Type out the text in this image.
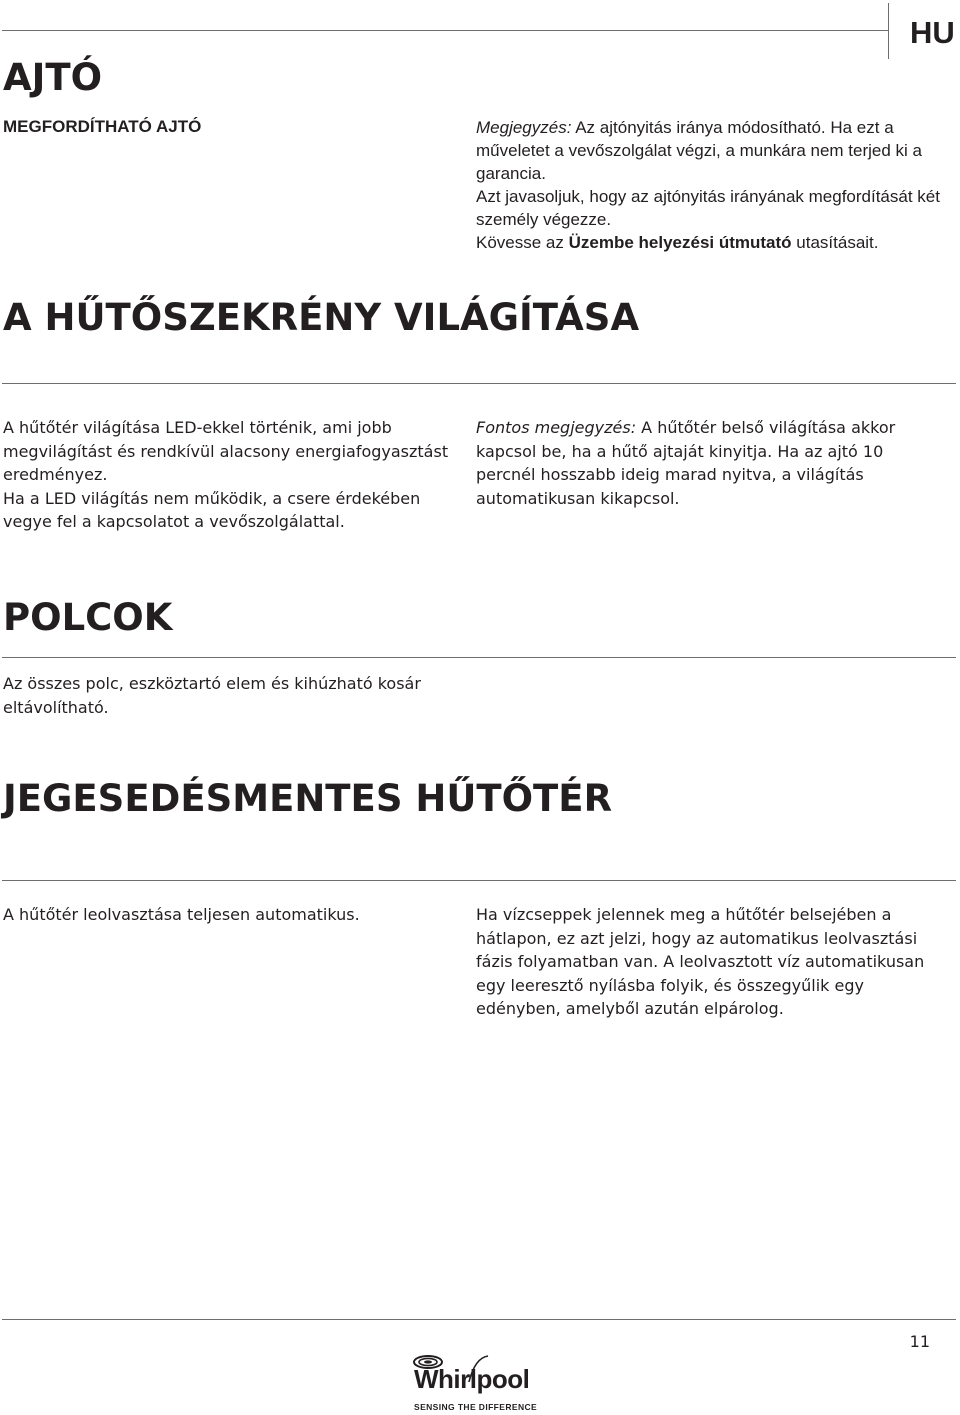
HU
AJTÓ
MEGFORDÍTHATÓ AJTÓ	Megjegyzés: Az ajtónyitás iránya módosítható. Ha ezt a műveletet a vevőszolgálat végzi, a munkára nem terjed ki a garancia.
Azt javasoljuk, hogy az ajtónyitás irányának megfordítását két személy végezze.
Kövesse az Üzembe helyezési útmutató utasításait.
A HŰTŐSZEKRÉNY VILÁGÍTÁSA
A hűtőtér világítása LED-ekkel történik, ami jobb megvilágítást és rendkívül alacsony energiafogyasztást eredményez.
Ha a LED világítás nem működik, a csere érdekében vegye fel a kapcsolatot a vevőszolgálattal.
Fontos megjegyzés: A hűtőtér belső világítása akkor kapcsol be, ha a hűtő ajtaját kinyitja. Ha az ajtó 10 percnél hosszabb ideig marad nyitva, a világítás automatikusan kikapcsol.
POLCOK
Az összes polc, eszköztartó elem és kihúzható kosár eltávolítható.
JEGESEDÉSMENTES HŰTŐTÉR
A hűtőtér leolvasztása teljesen automatikus.	Ha vízcseppek jelennek meg a hűtőtér belsejében a hátlapon, ez azt jelzi, hogy az automatikus leolvasztási fázis folyamatban van. A leolvasztott víz automatikusan egy leeresztő nyílásba folyik, és összegyűlik egy edényben, amelyből azután elpárolog.
11
Whirlpool
SENSING THE DIFFERENCE
